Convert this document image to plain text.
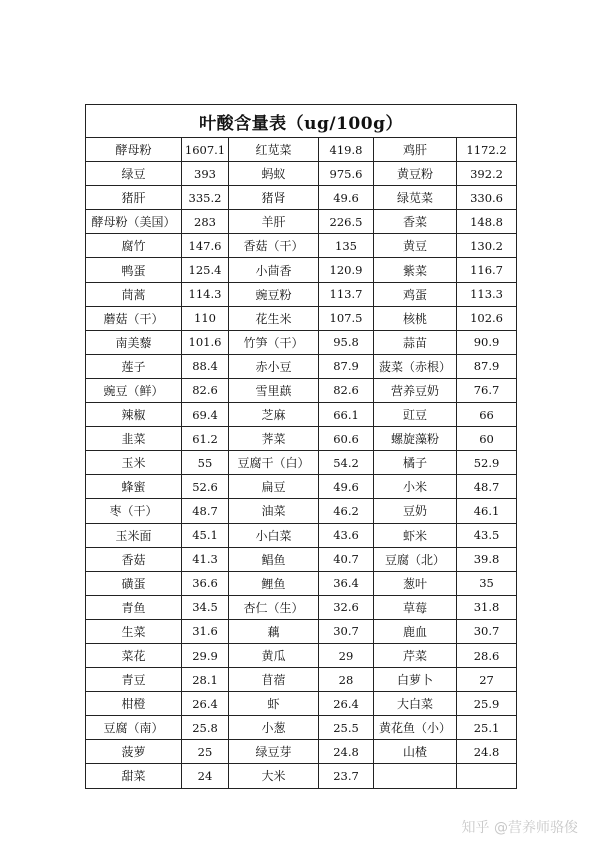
叶酸含量表（ug/100g）					
酵母粉	1607.1	红苋菜	419.8	鸡肝	1172.2
绿豆	393	蚂蚁	975.6	黄豆粉	392.2
猪肝	335.2	猪肾	49.6	绿苋菜	330.6
酵母粉（美国）	283	羊肝	226.5	香菜	148.8
腐竹	147.6	香菇（干）	135	黄豆	130.2
鸭蛋	125.4	小茴香	120.9	紫菜	116.7
茼蒿	114.3	豌豆粉	113.7	鸡蛋	113.3
蘑菇（干）	110	花生米	107.5	核桃	102.6
南美藜	101.6	竹笋（干）	95.8	蒜苗	90.9
莲子	88.4	赤小豆	87.9	菠菜（赤根）	87.9
豌豆（鲜）	82.6	雪里蕻	82.6	营养豆奶	76.7
辣椒	69.4	芝麻	66.1	豇豆	66
韭菜	61.2	荠菜	60.6	螺旋藻粉	60
玉米	55	豆腐干（白）	54.2	橘子	52.9
蜂蜜	52.6	扁豆	49.6	小米	48.7
枣（干）	48.7	油菜	46.2	豆奶	46.1
玉米面	45.1	小白菜	43.6	虾米	43.5
香菇	41.3	鲳鱼	40.7	豆腐（北）	39.8
磺蛋	36.6	鲤鱼	36.4	葱叶	35
青鱼	34.5	杏仁（生）	32.6	草莓	31.8
生菜	31.6	藕	30.7	鹿血	30.7
菜花	29.9	黄瓜	29	芹菜	28.6
青豆	28.1	苜蓿	28	白萝卜	27
柑橙	26.4	虾	26.4	大白菜	25.9
豆腐（南）	25.8	小葱	25.5	黄花鱼（小）	25.1
菠萝	25	绿豆芽	24.8	山楂	24.8
甜菜	24	大米	23.7		
知乎 @营养师骆俊
